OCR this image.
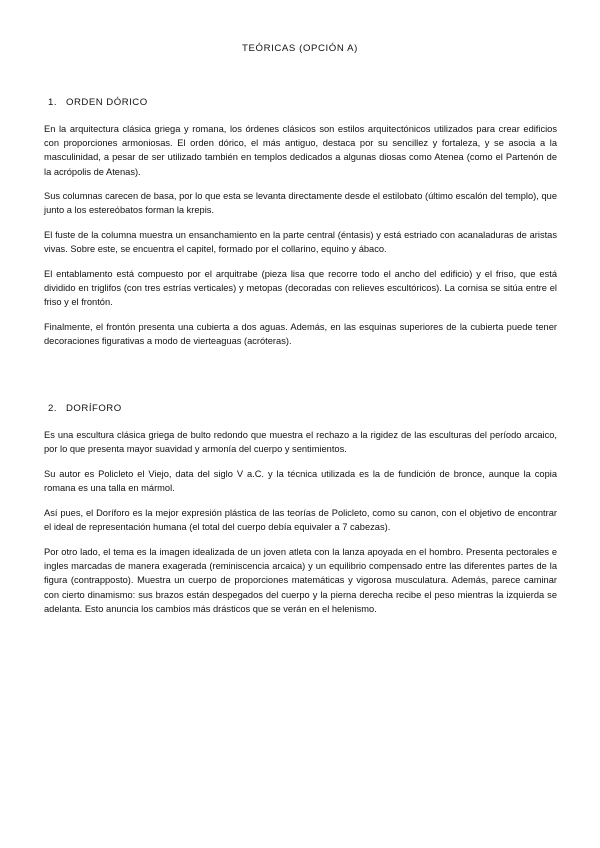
TEÓRICAS (OPCIÓN A)
1. ORDEN DÓRICO

En la arquitectura clásica griega y romana, los órdenes clásicos son estilos arquitectónicos utilizados para crear edificios con proporciones armoniosas. El orden dórico, el más antiguo, destaca por su sencillez y fortaleza, y se asocia a la masculinidad, a pesar de ser utilizado también en templos dedicados a algunas diosas como Atenea (como el Partenón de la acrópolis de Atenas).

Sus columnas carecen de basa, por lo que esta se levanta directamente desde el estilobato (último escalón del templo), que junto a los estereóbatos forman la krepis.

El fuste de la columna muestra un ensanchamiento en la parte central (éntasis) y está estriado con acanaladuras de aristas vivas. Sobre este, se encuentra el capitel, formado por el collarino, equino y ábaco.

El entablamento está compuesto por el arquitrabe (pieza lisa que recorre todo el ancho del edificio) y el friso, que está dividido en triglifos (con tres estrías verticales) y metopas (decoradas con relieves escultóricos). La cornisa se sitúa entre el friso y el frontón.

Finalmente, el frontón presenta una cubierta a dos aguas. Además, en las esquinas superiores de la cubierta puede tener decoraciones figurativas a modo de vierteaguas (acróteras).

2. DORÍFORO

Es una escultura clásica griega de bulto redondo que muestra el rechazo a la rigidez de las esculturas del período arcaico, por lo que presenta mayor suavidad y armonía del cuerpo y sentimientos.

Su autor es Policleto el Viejo, data del siglo V a.C. y la técnica utilizada es la de fundición de bronce, aunque la copia romana es una talla en mármol.

Así pues, el Doríforo es la mejor expresión plástica de las teorías de Policleto, como su canon, con el objetivo de encontrar el ideal de representación humana (el total del cuerpo debía equivaler a 7 cabezas).

Por otro lado, el tema es la imagen idealizada de un joven atleta con la lanza apoyada en el hombro. Presenta pectorales e ingles marcadas de manera exagerada (reminiscencia arcaica) y un equilibrio compensado entre las diferentes partes de la figura (contrapposto). Muestra un cuerpo de proporciones matemáticas y vigorosa musculatura. Además, parece caminar con cierto dinamismo: sus brazos están despegados del cuerpo y la pierna derecha recibe el peso mientras la izquierda se adelanta. Esto anuncia los cambios más drásticos que se verán en el helenismo.
